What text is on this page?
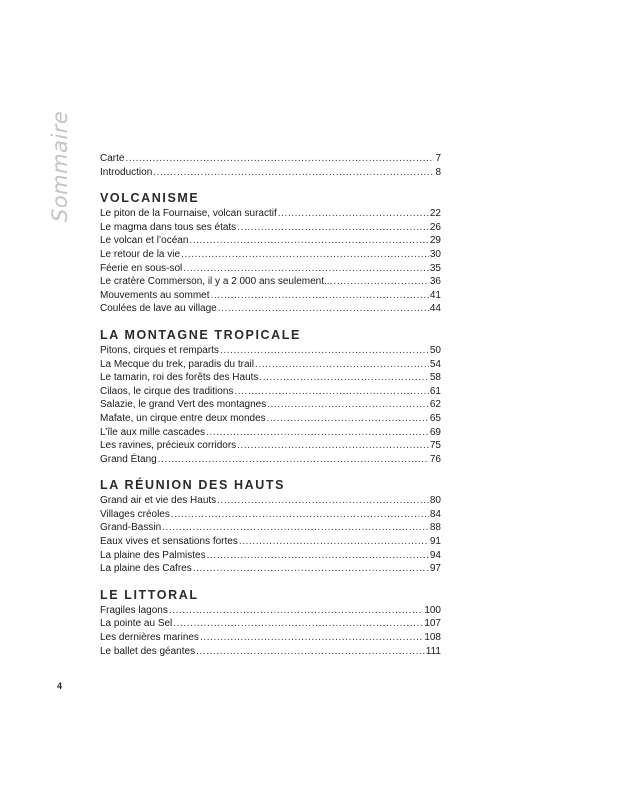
Sommaire	Carte .....	7
Introduction .....	8
VOLCANISME
Le piton de la Fournaise, volcan suractif .....	22
Le magma dans tous ses états .....	26
Le volcan et l’océan .....	29
Le retour de la vie .....	30
Féerie en sous-sol .....	35
Le cratère Commerson, il y a 2 000 ans seulement... .....	36
Mouvements au sommet .....	41
Coulées de lave au village .....	44
LA MONTAGNE TROPICALE
Pitons, cirques et remparts .....	50
La Mecque du trek, paradis du trail .....	54
Le tamarin, roi des forêts des Hauts .....	58
Cilaos, le cirque des traditions .....	61
Salazie, le grand Vert des montagnes .....	62
Mafate, un cirque entre deux mondes .....	65
L’île aux mille cascades .....	69
Les ravines, précieux corridors .....	75
Grand Étang .....	76
LA RÉUNION DES HAUTS
Grand air et vie des Hauts .....	80
Villages créoles .....	84
Grand-Bassin .....	88
Eaux vives et sensations fortes .....	91
La plaine des Palmistes .....	94
La plaine des Cafres .....	97
LE LITTORAL
Fragiles lagons .....	100
La pointe au Sel .....	107
Les dernières marines .....	108
Le ballet des géantes .....	111
4
